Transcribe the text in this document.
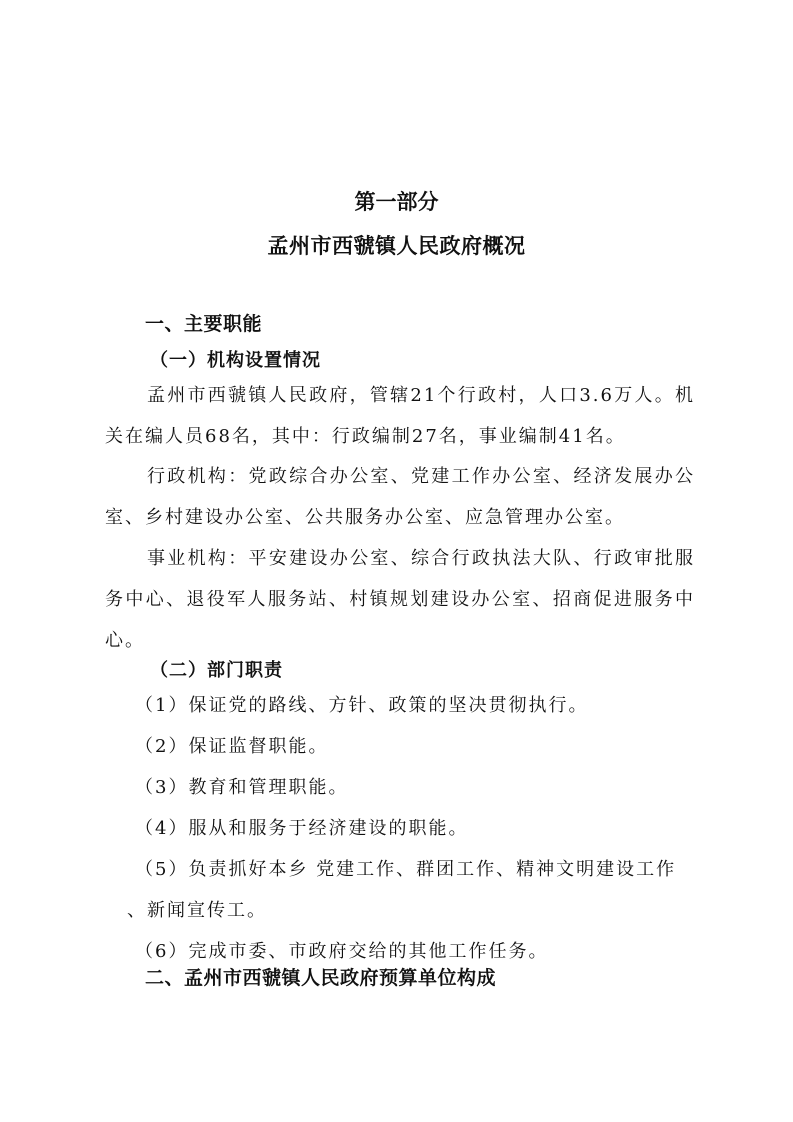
第一部分
孟州市西虢镇人民政府概况
一、主要职能
（一）机构设置情况

孟州市西虢镇人民政府，管辖21个行政村，人口3.6万人。机关在编人员68名，其中：行政编制27名，事业编制41名。

行政机构：党政综合办公室、党建工作办公室、经济发展办公室、乡村建设办公室、公共服务办公室、应急管理办公室。

事业机构：平安建设办公室、综合行政执法大队、行政审批服务中心、退役军人服务站、村镇规划建设办公室、招商促进服务中心。

（二）部门职责

（1）保证党的路线、方针、政策的坚决贯彻执行。

（2）保证监督职能。

（3）教育和管理职能。

（4）服从和服务于经济建设的职能。

（5）负责抓好本乡 党建工作、群团工作、精神文明建设工作
、新闻宣传工。

（6）完成市委、市政府交给的其他工作任务。

二、孟州市西虢镇人民政府预算单位构成
